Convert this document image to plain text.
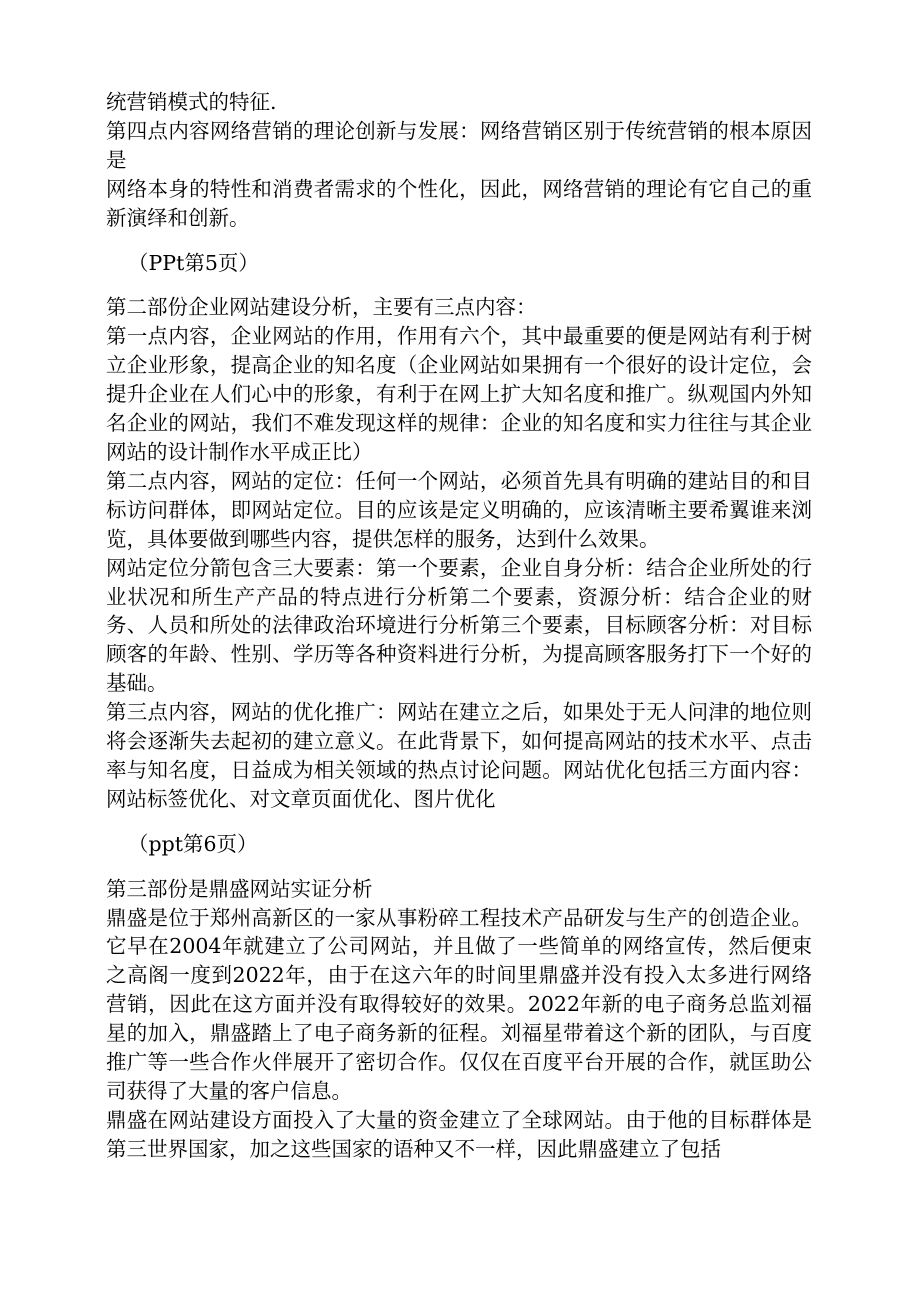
统营销模式的特征.

第四点内容网络营销的理论创新与发展：网络营销区别于传统营销的根本原因是

网络本身的特性和消费者需求的个性化，因此，网络营销的理论有它自己的重新演绎和创新。

（PPt第5页）

第二部份企业网站建设分析，主要有三点内容：

第一点内容，企业网站的作用，作用有六个，其中最重要的便是网站有利于树立企业形象，提高企业的知名度（企业网站如果拥有一个很好的设计定位，会提升企业在人们心中的形象，有利于在网上扩大知名度和推广。纵观国内外知名企业的网站，我们不难发现这样的规律：企业的知名度和实力往往与其企业网站的设计制作水平成正比）

第二点内容，网站的定位：任何一个网站，必须首先具有明确的建站目的和目标访问群体，即网站定位。目的应该是定义明确的，应该清晰主要希翼谁来浏览，具体要做到哪些内容，提供怎样的服务，达到什么效果。

网站定位分箭包含三大要素：第一个要素，企业自身分析：结合企业所处的行业状况和所生产产品的特点进行分析第二个要素，资源分析：结合企业的财务、人员和所处的法律政治环境进行分析第三个要素，目标顾客分析：对目标顾客的年龄、性别、学历等各种资料进行分析，为提高顾客服务打下一个好的基础。

第三点内容，网站的优化推广：网站在建立之后，如果处于无人问津的地位则将会逐渐失去起初的建立意义。在此背景下，如何提高网站的技术水平、点击率与知名度，日益成为相关领域的热点讨论问题。网站优化包括三方面内容：网站标签优化、对文章页面优化、图片优化

（ppt第6页）

第三部份是鼎盛网站实证分析

鼎盛是位于郑州高新区的一家从事粉碎工程技术产品研发与生产的创造企业。它早在2004年就建立了公司网站，并且做了一些简单的网络宣传，然后便束之高阁一度到2022年，由于在这六年的时间里鼎盛并没有投入太多进行网络营销，因此在这方面并没有取得较好的效果。2022年新的电子商务总监刘福星的加入，鼎盛踏上了电子商务新的征程。刘福星带着这个新的团队，与百度推广等一些合作火伴展开了密切合作。仅仅在百度平台开展的合作，就匡助公司获得了大量的客户信息。

鼎盛在网站建设方面投入了大量的资金建立了全球网站。由于他的目标群体是第三世界国家，加之这些国家的语种又不一样，因此鼎盛建立了包括
